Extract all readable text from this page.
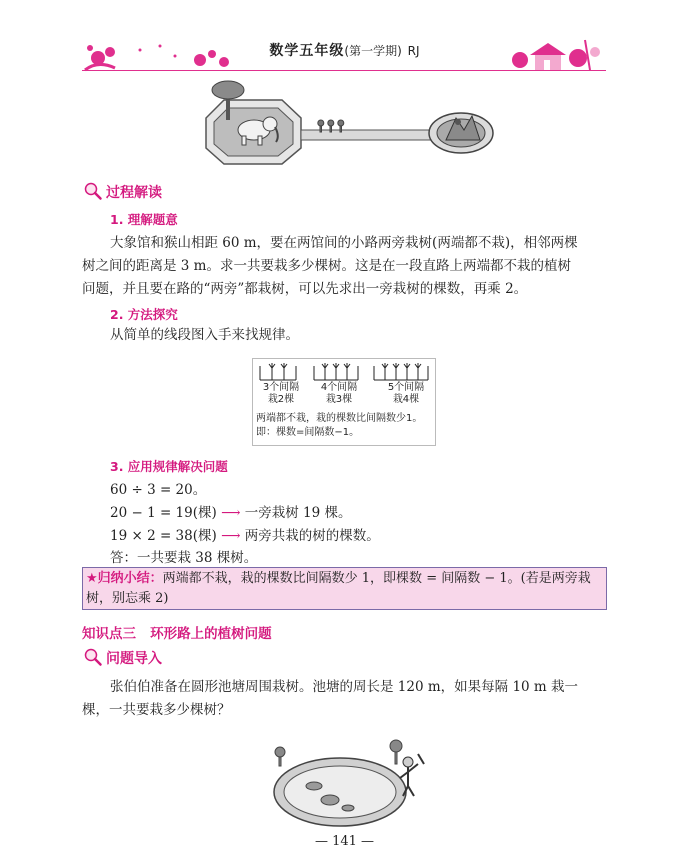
数学五年级(第一学期) RJ
过程解读
1. 理解题意
大象馆和猴山相距 60 m，要在两馆间的小路两旁栽树(两端都不栽)，相邻两棵
树之间的距离是 3 m。求一共要栽多少棵树。这是在一段直路上两端都不栽的植树
问题，并且要在路的“两旁”都栽树，可以先求出一旁栽树的棵数，再乘 2。
2. 方法探究
从简单的线段图入手来找规律。
3个间隔
栽2棵
4个间隔
栽3棵
5个间隔
栽4棵
两端都不栽，栽的棵数比间隔数少1。
即：棵数=间隔数−1。
3. 应用规律解决问题
60 ÷ 3 = 20。
20 − 1 = 19(棵) ⟶ 一旁栽树 19 棵。
19 × 2 = 38(棵) ⟶ 两旁共栽的树的棵数。
答：一共要栽 38 棵树。
★归纳小结：两端都不栽，栽的棵数比间隔数少 1，即棵数 = 间隔数 − 1。(若是两旁栽树，别忘乘 2)
知识点三 环形路上的植树问题
问题导入
张伯伯准备在圆形池塘周围栽树。池塘的周长是 120 m，如果每隔 10 m 栽一
棵，一共要栽多少棵树？
— 141 —
